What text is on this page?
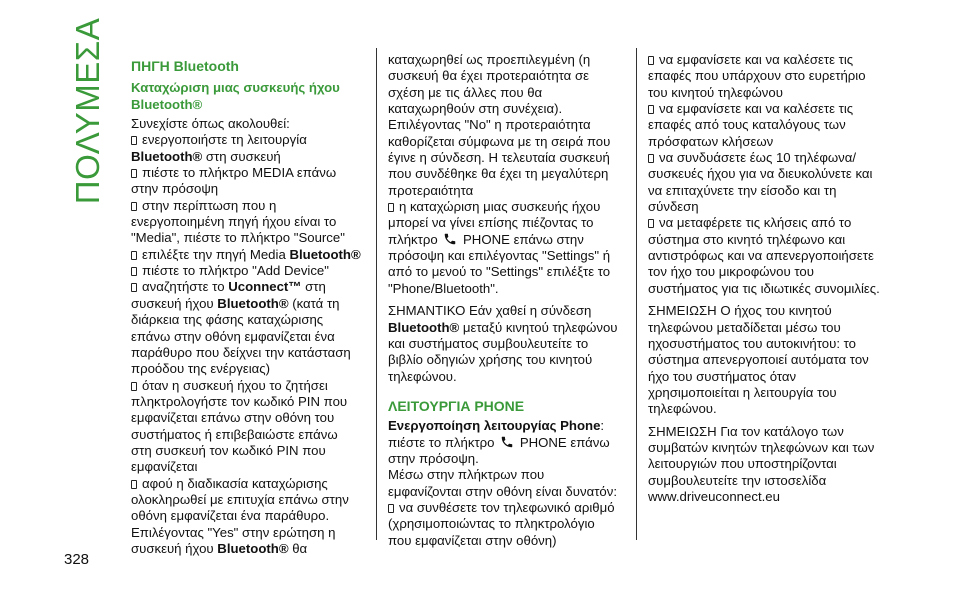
ΠΟΛΥΜΕΣΑ ΠΗΓΗ Bluetooth

Καταχώριση μιας συσκευής ήχου Bluetooth®

Συνεχίστε όπως ακολουθεί:

ενεργοποιήστε τη λειτουργία Bluetooth® στη συσκευή

πιέστε το πλήκτρο MEDIA επάνω στην πρόσοψη

στην περίπτωση που η ενεργοποιημένη πηγή ήχου είναι το "Media", πιέστε το πλήκτρο "Source"

επιλέξτε την πηγή Media Bluetooth®

πιέστε το πλήκτρο "Add Device"

αναζητήστε το Uconnect™ στη συσκευή ήχου Bluetooth® (κατά τη διάρκεια της φάσης καταχώρισης επάνω στην οθόνη εμφανίζεται ένα παράθυρο που δείχνει την κατάσταση προόδου της ενέργειας)

όταν η συσκευή ήχου το ζητήσει πληκτρολογήστε τον κωδικό PIN που εμφανίζεται επάνω στην οθόνη του συστήματος ή επιβεβαιώστε επάνω στη συσκευή τον κωδικό PIN που εμφανίζεται

αφού η διαδικασία καταχώρισης ολοκληρωθεί με επιτυχία επάνω στην οθόνη εμφανίζεται ένα παράθυρο. Επιλέγοντας "Yes" στην ερώτηση η συσκευή ήχου Bluetooth® θα

καταχωρηθεί ως προεπιλεγμένη (η συσκευή θα έχει προτεραιότητα σε σχέση με τις άλλες που θα καταχωρηθούν στη συνέχεια). Επιλέγοντας "No" η προτεραιότητα καθορίζεται σύμφωνα με τη σειρά που έγινε η σύνδεση. Η τελευταία συσκευή που συνδέθηκε θα έχει τη μεγαλύτερη προτεραιότητα

η καταχώριση μιας συσκευής ήχου μπορεί να γίνει επίσης πιέζοντας το πλήκτρο  PHONE επάνω στην πρόσοψη και επιλέγοντας "Settings" ή από το μενού το "Settings" επιλέξτε το "Phone/Bluetooth".

ΣΗΜΑΝΤΙΚΟ Εάν χαθεί η σύνδεση Bluetooth® μεταξύ κινητού τηλεφώνου και συστήματος συμβουλευτείτε το βιβλίο οδηγιών χρήσης του κινητού τηλεφώνου.

ΛΕΙΤΟΥΡΓΙΑ PHONE

Ενεργοποίηση λειτουργίας Phone:
πιέστε το πλήκτρο  PHONE επάνω στην πρόσοψη.

Μέσω στην πλήκτρων που εμφανίζονται στην οθόνη είναι δυνατόν:

να συνθέσετε τον τηλεφωνικό αριθμό (χρησιμοποιώντας το πληκτρολόγιο που εμφανίζεται στην οθόνη)

να εμφανίσετε και να καλέσετε τις επαφές που υπάρχουν στο ευρετήριο του κινητού τηλεφώνου

να εμφανίσετε και να καλέσετε τις επαφές από τους καταλόγους των πρόσφατων κλήσεων

να συνδυάσετε έως 10 τηλέφωνα/συσκευές ήχου για να διευκολύνετε και να επιταχύνετε την είσοδο και τη σύνδεση

να μεταφέρετε τις κλήσεις από το σύστημα στο κινητό τηλέφωνο και αντιστρόφως και να απενεργοποιήσετε τον ήχο του μικροφώνου του συστήματος για τις ιδιωτικές συνομιλίες.

ΣΗΜΕΙΩΣΗ Ο ήχος του κινητού τηλεφώνου μεταδίδεται μέσω του ηχοσυστήματος του αυτοκινήτου: το σύστημα απενεργοποιεί αυτόματα τον ήχο του συστήματος όταν χρησιμοποιείται η λειτουργία του τηλεφώνου.

ΣΗΜΕΙΩΣΗ Για τον κατάλογο των συμβατών κινητών τηλεφώνων και των λειτουργιών που υποστηρίζονται συμβουλευτείτε την ιστοσελίδα www.driveuconnect.eu

328
